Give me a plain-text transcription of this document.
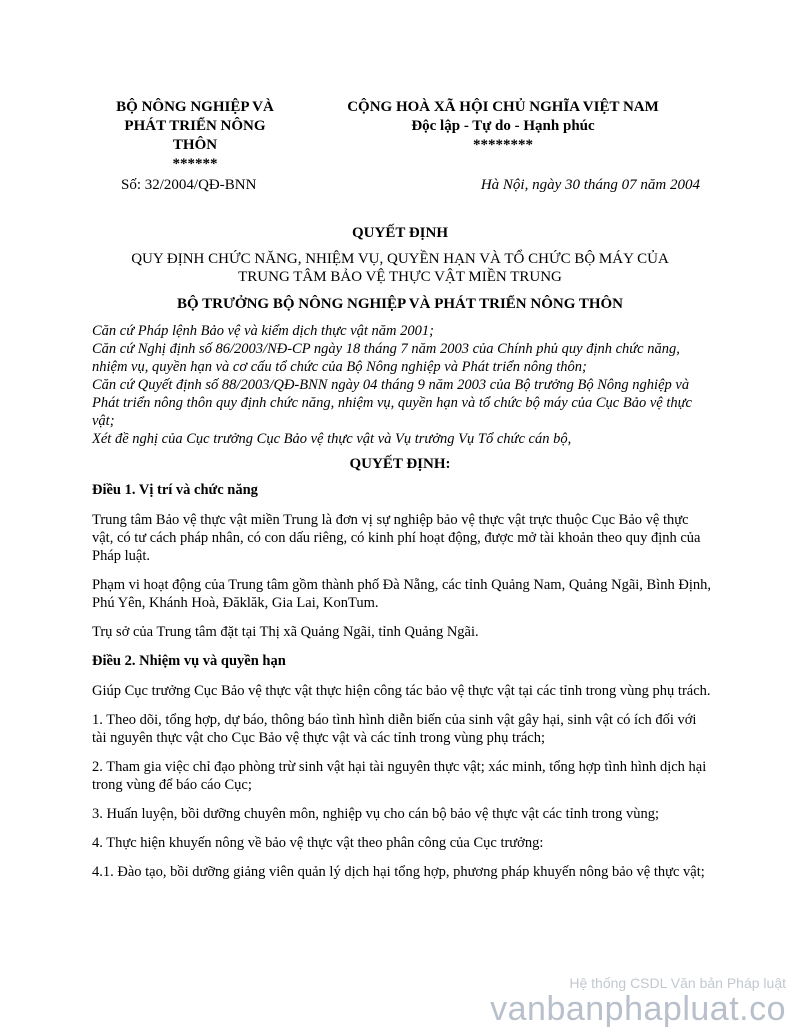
BỘ NÔNG NGHIỆP VÀ
PHÁT TRIỂN NÔNG
THÔN
******
CỘNG HOÀ XÃ HỘI CHỦ NGHĨA VIỆT NAM
Độc lập - Tự do - Hạnh phúc
********
Số: 32/2004/QĐ-BNN	Hà Nội, ngày 30 tháng 07 năm 2004
QUYẾT ĐỊNH
QUY ĐỊNH CHỨC NĂNG, NHIỆM VỤ, QUYỀN HẠN VÀ TỔ CHỨC BỘ MÁY CỦA
TRUNG TÂM BẢO VỆ THỰC VẬT MIỀN TRUNG
BỘ TRƯỞNG BỘ NÔNG NGHIỆP VÀ PHÁT TRIỂN NÔNG THÔN
Căn cứ Pháp lệnh Bảo vệ và kiểm dịch thực vật năm 2001;
Căn cứ Nghị định số 86/2003/NĐ-CP ngày 18 tháng 7 năm 2003 của Chính phủ quy định chức năng, nhiệm vụ, quyền hạn và cơ cấu tổ chức của Bộ Nông nghiệp và Phát triển nông thôn;
Căn cứ Quyết định số 88/2003/QĐ-BNN ngày 04 tháng 9 năm 2003 của Bộ trưởng Bộ Nông nghiệp và Phát triển nông thôn quy định chức năng, nhiệm vụ, quyền hạn và tổ chức bộ máy của Cục Bảo vệ thực vật;
Xét đề nghị của Cục trưởng Cục Bảo vệ thực vật và Vụ trưởng Vụ Tổ chức cán bộ,
QUYẾT ĐỊNH:
Điều 1. Vị trí và chức năng
Trung tâm Bảo vệ thực vật miền Trung là đơn vị sự nghiệp bảo vệ thực vật trực thuộc Cục Bảo vệ thực vật, có tư cách pháp nhân, có con dấu riêng, có kinh phí hoạt động, được mở tài khoản theo quy định của Pháp luật.
Phạm vi hoạt động của Trung tâm gồm thành phố Đà Nẵng, các tỉnh Quảng Nam, Quảng Ngãi, Bình Định, Phú Yên, Khánh Hoà, Đăklăk, Gia Lai, KonTum.
Trụ sở của Trung tâm đặt tại Thị xã Quảng Ngãi, tỉnh Quảng Ngãi.
Điều 2. Nhiệm vụ và quyền hạn
Giúp Cục trưởng Cục Bảo vệ thực vật thực hiện công tác bảo vệ thực vật tại các tỉnh trong vùng phụ trách.
1. Theo dõi, tổng hợp, dự báo, thông báo tình hình diễn biến của sinh vật gây hại, sinh vật có ích đối với tài nguyên thực vật cho Cục Bảo vệ thực vật và các tỉnh trong vùng phụ trách;
2. Tham gia việc chỉ đạo phòng trừ sinh vật hại tài nguyên thực vật; xác minh, tổng hợp tình hình dịch hại trong vùng để báo cáo Cục;
3. Huấn luyện, bồi dưỡng chuyên môn, nghiệp vụ cho cán bộ bảo vệ thực vật các tỉnh trong vùng;
4. Thực hiện khuyến nông về bảo vệ thực vật theo phân công của Cục trưởng:
4.1. Đào tạo, bồi dưỡng giảng viên quản lý dịch hại tổng hợp, phương pháp khuyến nông bảo vệ thực vật;
Hệ thống CSDL Văn bản Pháp luật
vanbanphapluat.co
